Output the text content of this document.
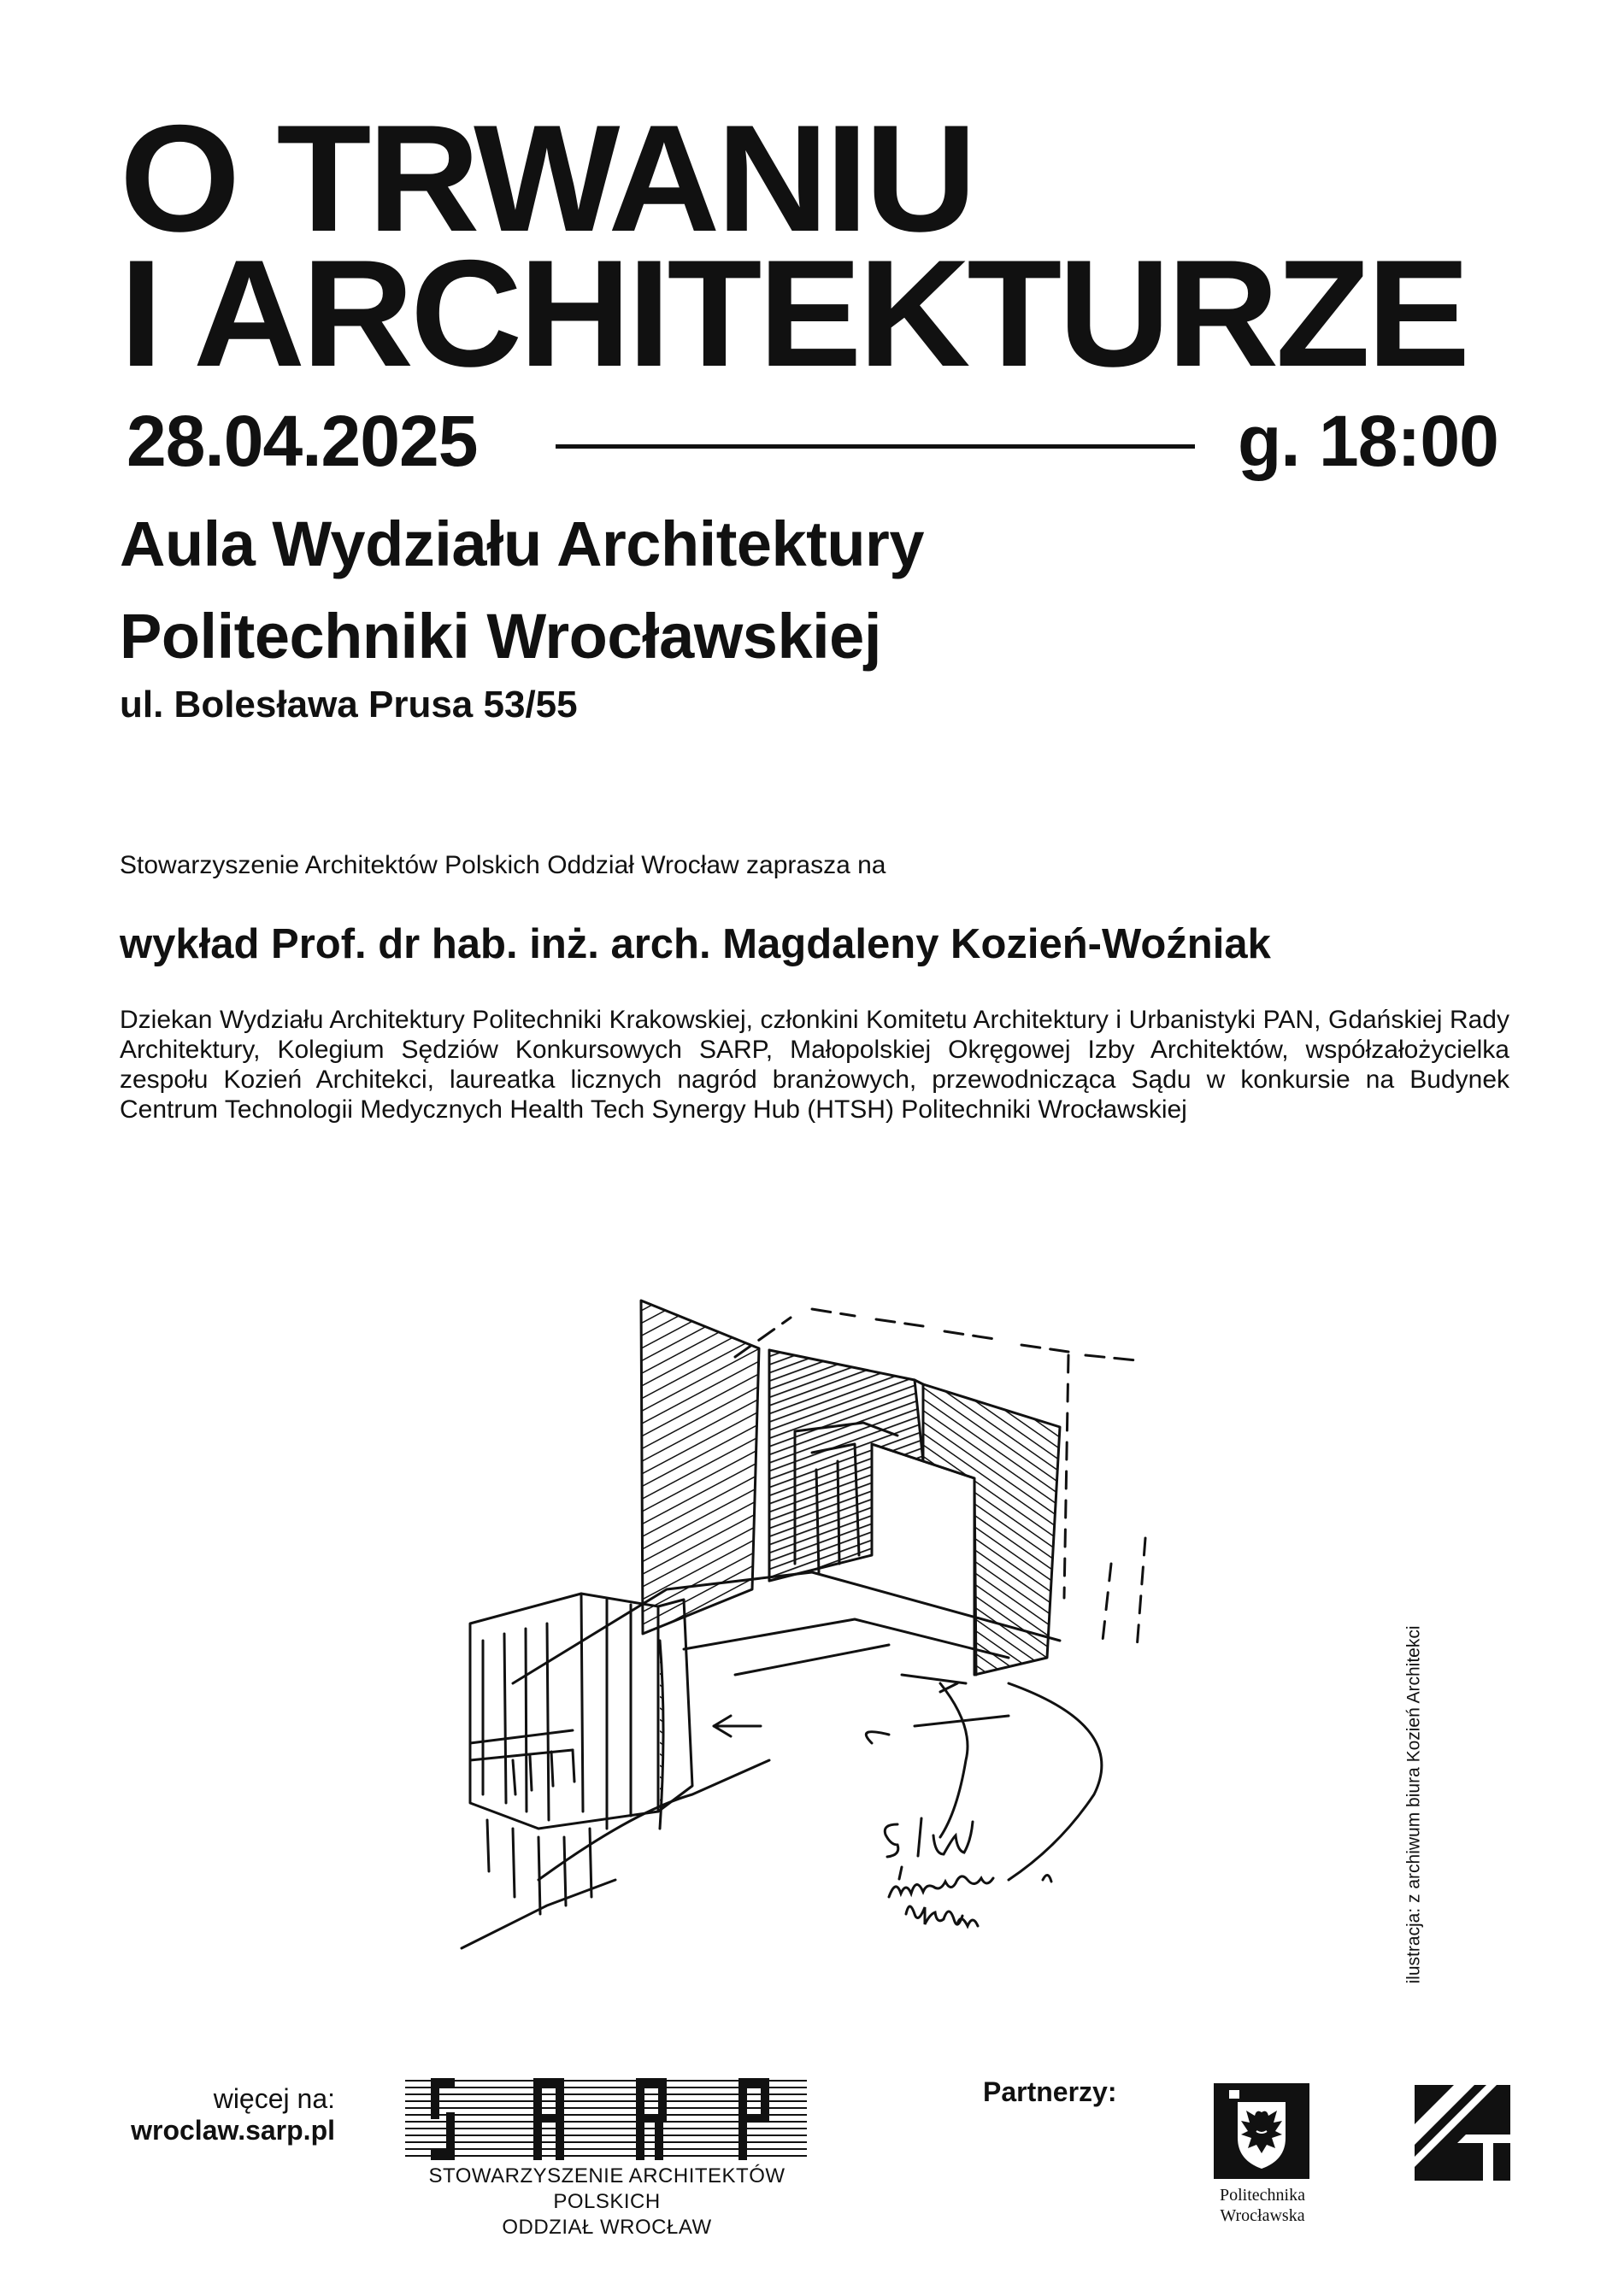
O TRWANIU
I ARCHITEKTURZE
28.04.2025	g. 18:00
Aula Wydziału Architektury
Politechniki Wrocławskiej
ul. Bolesława Prusa 53/55
Stowarzyszenie Architektów Polskich Oddział Wrocław zaprasza na
wykład Prof. dr hab. inż. arch. Magdaleny Kozień-Woźniak
Dziekan Wydziału Architektury Politechniki Krakowskiej, członkini Komitetu Architektury i Urbanistyki PAN, Gdańskiej Rady Architektury, Kolegium Sędziów Konkursowych SARP, Małopolskiej Okręgowej Izby Architektów, współzałożycielka zespołu Kozień Architekci, laureatka licznych nagród branżowych, przewodnicząca Sądu w konkursie na Budynek Centrum Technologii Medycznych Health Tech Synergy Hub (HTSH) Politechniki Wrocławskiej
ilustracja: z archiwum biura Kozień Architekci
więcej na:
wroclaw.sarp.pl
STOWARZYSZENIE ARCHITEKTÓW POLSKICH
ODDZIAŁ WROCŁAW
Partnerzy:
Politechnika
Wrocławska
